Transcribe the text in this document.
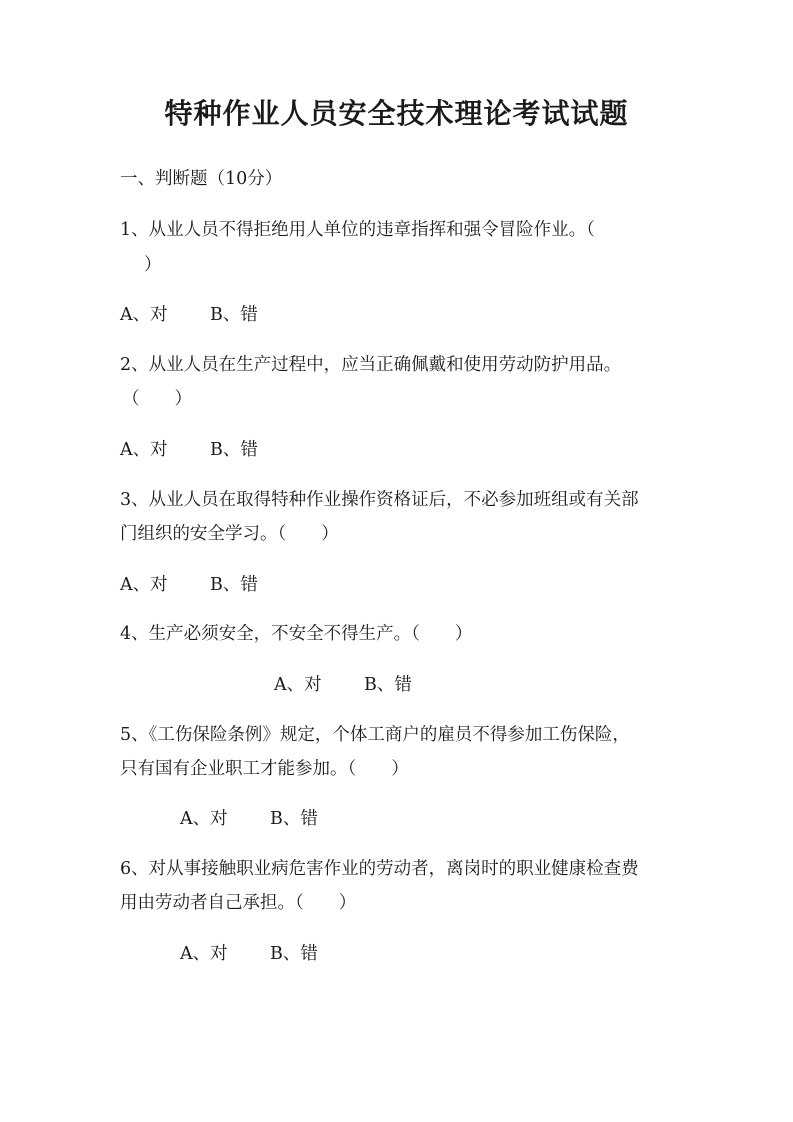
特种作业人员安全技术理论考试试题
一、判断题（10分）
1、从业人员不得拒绝用人单位的违章指挥和强令冒险作业。（
）
A、对 B、错
2、从业人员在生产过程中，应当正确佩戴和使用劳动防护用品。
（　　）
A、对 B、错
3、从业人员在取得特种作业操作资格证后，不必参加班组或有关部
门组织的安全学习。（　　）
A、对 B、错
4、生产必须安全，不安全不得生产。（　　）
A、对 B、错
5、《工伤保险条例》规定，个体工商户的雇员不得参加工伤保险，
只有国有企业职工才能参加。（　　）
A、对 B、错
6、对从事接触职业病危害作业的劳动者，离岗时的职业健康检查费
用由劳动者自己承担。（　　）
A、对 B、错
